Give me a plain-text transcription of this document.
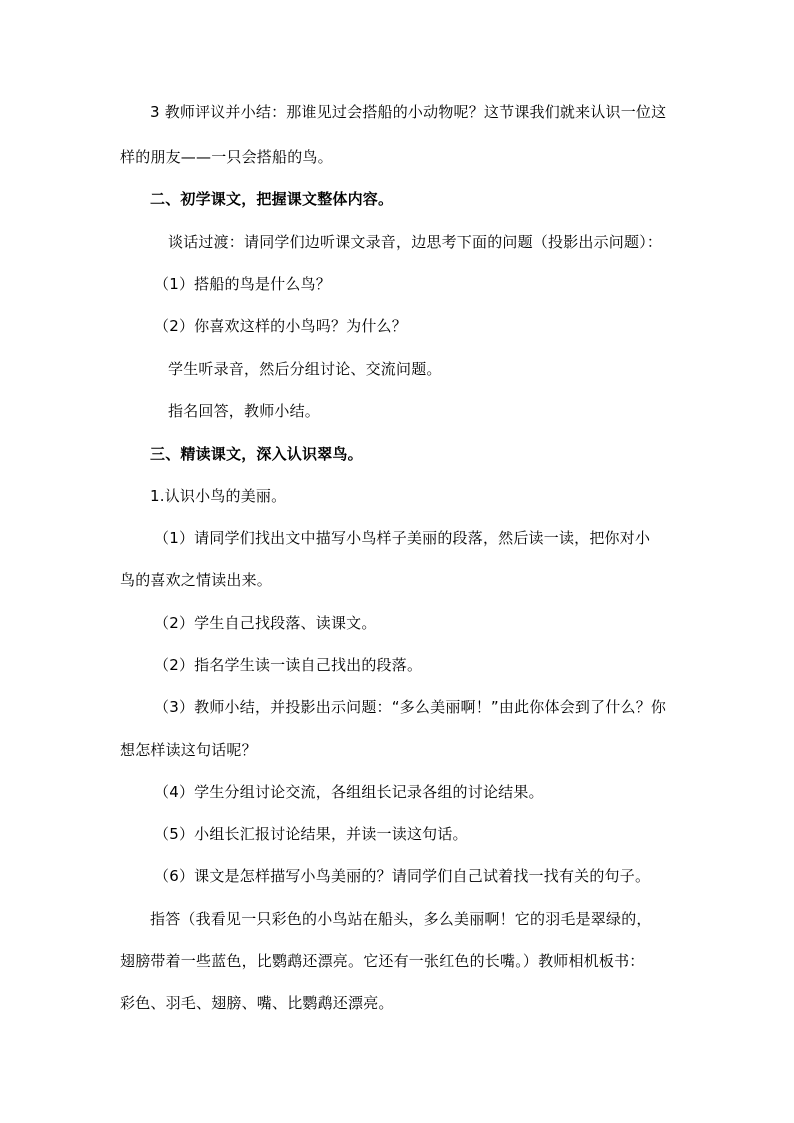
3 教师评议并小结：那谁见过会搭船的小动物呢？这节课我们就来认识一位这
样的朋友——一只会搭船的鸟。
二、初学课文，把握课文整体内容。
谈话过渡：请同学们边听课文录音，边思考下面的问题（投影出示问题）：
（1）搭船的鸟是什么鸟？
（2）你喜欢这样的小鸟吗？为什么？
学生听录音，然后分组讨论、交流问题。
指名回答，教师小结。
三、精读课文，深入认识翠鸟。
1.认识小鸟的美丽。
（1）请同学们找出文中描写小鸟样子美丽的段落，然后读一读，把你对小
鸟的喜欢之情读出来。
（2）学生自己找段落、读课文。
（2）指名学生读一读自己找出的段落。
（3）教师小结，并投影出示问题：“多么美丽啊！”由此你体会到了什么？你
想怎样读这句话呢？
（4）学生分组讨论交流，各组组长记录各组的讨论结果。
（5）小组长汇报讨论结果，并读一读这句话。
（6）课文是怎样描写小鸟美丽的？请同学们自己试着找一找有关的句子。
指答（我看见一只彩色的小鸟站在船头，多么美丽啊！它的羽毛是翠绿的，
翅膀带着一些蓝色，比鹦鹉还漂亮。它还有一张红色的长嘴。）教师相机板书：
彩色、羽毛、翅膀、嘴、比鹦鹉还漂亮。
